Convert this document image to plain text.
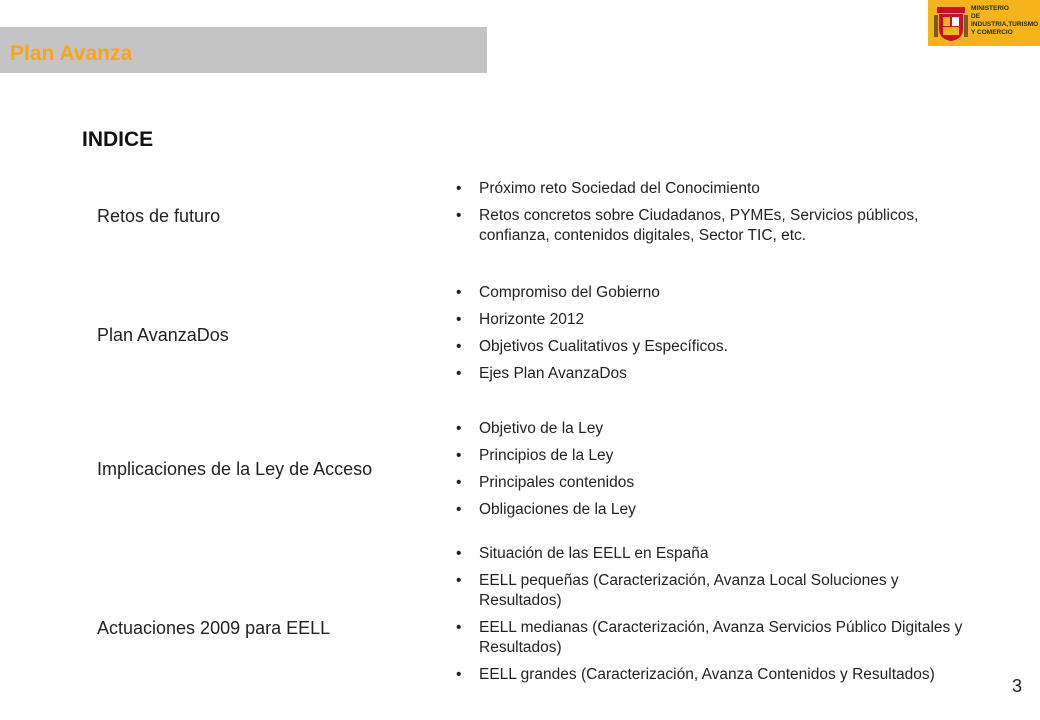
Plan Avanza
MINISTERIO
DE INDUSTRIA,TURISMO
Y COMERCIO
INDICE
Retos de futuro
• Próximo reto Sociedad del Conocimiento
• Retos concretos sobre Ciudadanos, PYMEs, Servicios públicos, confianza, contenidos digitales, Sector TIC, etc.
Plan AvanzaDos
• Compromiso del Gobierno
• Horizonte 2012
• Objetivos Cualitativos y Específicos.
• Ejes Plan AvanzaDos
Implicaciones de la Ley de Acceso
• Objetivo de la Ley
• Principios de la Ley
• Principales contenidos
• Obligaciones de la Ley
Actuaciones 2009 para EELL
• Situación de las EELL en España
• EELL pequeñas (Caracterización, Avanza Local Soluciones y Resultados)
• EELL medianas (Caracterización, Avanza Servicios Público Digitales y Resultados)
• EELL grandes (Caracterización, Avanza Contenidos y Resultados)
3
